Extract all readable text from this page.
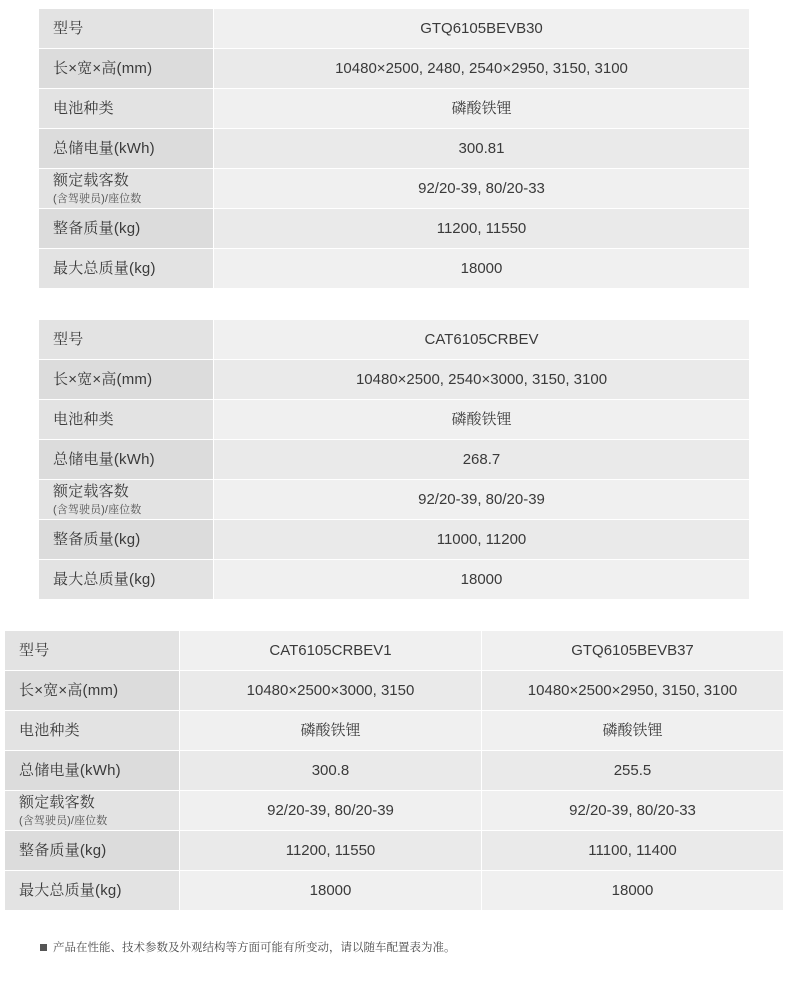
型号	GTQ6105BEVB30

长×宽×高(mm)	10480×2500, 2480, 2540×2950, 3150, 3100

电池种类	磷酸铁锂

总储电量(kWh)	300.81

额定载客数
(含驾驶员)/座位数	92/20-39, 80/20-33

整备质量(kg)	11200, 11550

最大总质量(kg)	18000
型号	CAT6105CRBEV

长×宽×高(mm)	10480×2500, 2540×3000, 3150, 3100

电池种类	磷酸铁锂

总储电量(kWh)	268.7

额定载客数
(含驾驶员)/座位数	92/20-39, 80/20-39

整备质量(kg)	11000, 11200

最大总质量(kg)	18000
型号	CAT6105CRBEV1	GTQ6105BEVB37

长×宽×高(mm)	10480×2500×3000, 3150	10480×2500×2950, 3150, 3100

电池种类	磷酸铁锂	磷酸铁锂

总储电量(kWh)	300.8	255.5

额定载客数
(含驾驶员)/座位数	92/20-39, 80/20-39	92/20-39, 80/20-33

整备质量(kg)	11200, 11550	11100, 11400

最大总质量(kg)	18000	18000
产品在性能、技术参数及外观结构等方面可能有所变动，请以随车配置表为准。
